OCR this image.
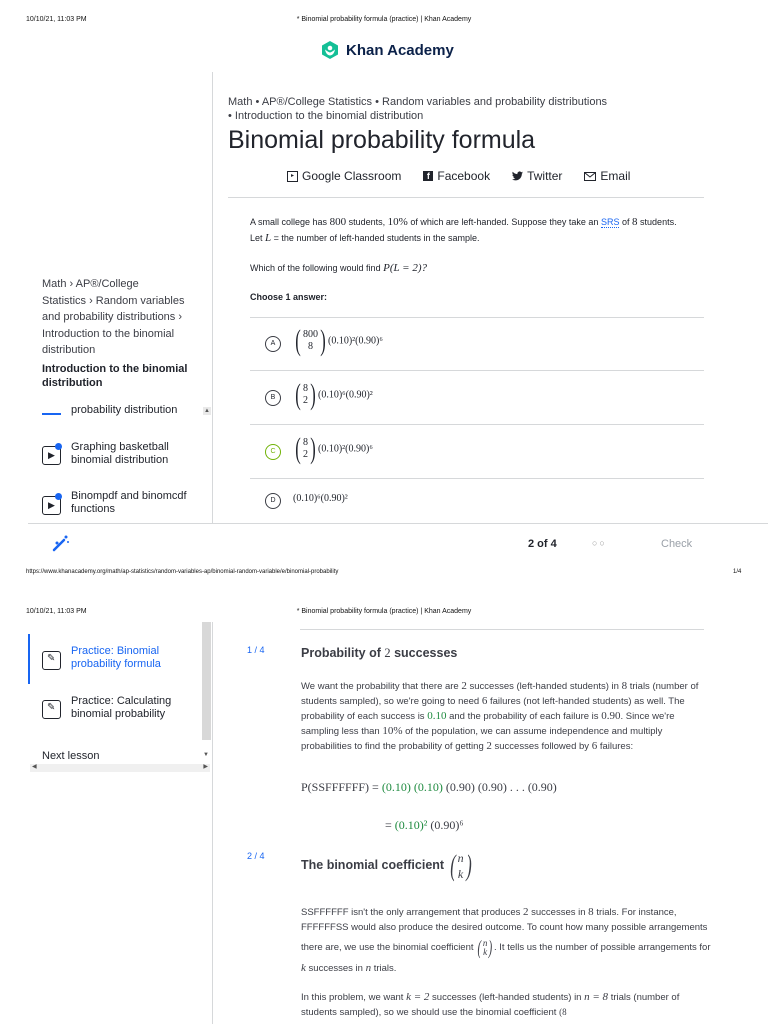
10/10/21, 11:03 PM	* Binomial probability formula (practice) | Khan Academy
Khan Academy
Math • AP®/College Statistics • Random variables and probability distributions
• Introduction to the binomial distribution
Binomial probability formula
▸ Google Classroom	f Facebook	Twitter	Email
A small college has 800 students, 10% of which are left-handed. Suppose they take an SRS of 8 students. Let L = the number of left-handed students in the sample.
Which of the following would find P(L = 2)?
Choose 1 answer:
A ( 800
8 ) (0.10)²(0.90)⁶
B ( 8
2 ) (0.10)⁶(0.90)²
C ( 8
2 ) (0.10)²(0.90)⁶
D	(0.10)⁶(0.90)²
Math › AP®/College
Statistics › Random variables
and probability distributions ›
Introduction to the binomial
distribution
Introduction to the binomial
distribution
probability distribution	▲
▶
Graphing basketball
binomial distribution
▶
Binompdf and binomcdf
functions
2 of 4	○○	Check
https://www.khanacademy.org/math/ap-statistics/random-variables-ap/binomial-random-variable/e/binomial-probability	1/4
10/10/21, 11:03 PM	* Binomial probability formula (practice) | Khan Academy
✎
Practice: Binomial
probability formula
✎
Practice: Calculating
binomial probability
Next lesson	▼
◀	▶
1 / 4	Probability of 2 successes
We want the probability that there are 2 successes (left-handed students) in 8 trials (number of students sampled), so we're going to need 6 failures (not left-handed students) as well. The probability of each success is 0.10 and the probability of each failure is 0.90. Since we're sampling less than 10% of the population, we can assume independence and multiply probabilities to find the probability of getting 2 successes followed by 6 failures:
P(SSFFFFFF) = (0.10) (0.10) (0.90) (0.90) . . . (0.90)
= (0.10)² (0.90)⁶
2 / 4
The binomial coefficient ( n
k )
SSFFFFFF isn't the only arrangement that produces 2 successes in 8 trials. For instance, FFFFFFSS would also produce the desired outcome. To count how many possible arrangements there are, we use the binomial coefficient ( n
k ) . It tells us the number of possible arrangements for k successes in n trials.
In this problem, we want k = 2 successes (left-handed students) in n = 8 trials (number of students sampled), so we should use the binomial coefficient (8
